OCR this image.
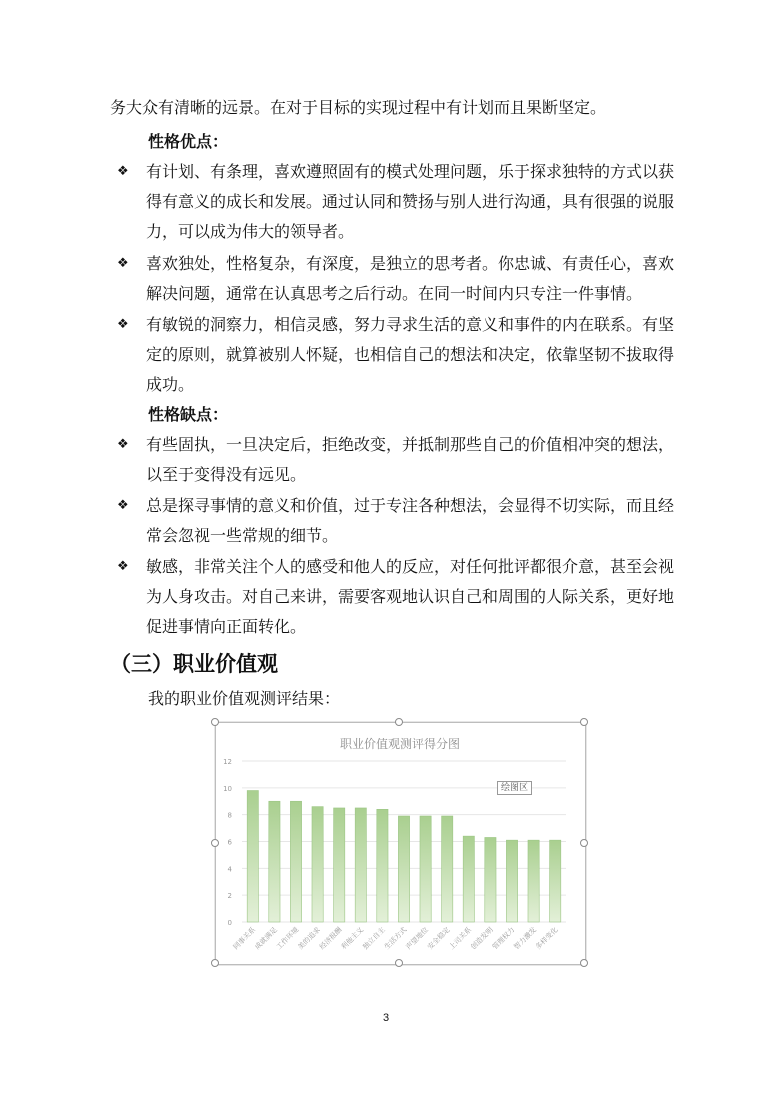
务大众有清晰的远景。在对于目标的实现过程中有计划而且果断坚定。
性格优点：
❖ 有计划、有条理，喜欢遵照固有的模式处理问题，乐于探求独特的方式以获
得有意义的成长和发展。通过认同和赞扬与别人进行沟通，具有很强的说服
力，可以成为伟大的领导者。
❖ 喜欢独处，性格复杂，有深度，是独立的思考者。你忠诚、有责任心，喜欢
解决问题，通常在认真思考之后行动。在同一时间内只专注一件事情。
❖ 有敏锐的洞察力，相信灵感，努力寻求生活的意义和事件的内在联系。有坚
定的原则，就算被别人怀疑，也相信自己的想法和决定，依靠坚韧不拔取得
成功。
性格缺点：
❖ 有些固执，一旦决定后，拒绝改变，并抵制那些自己的价值相冲突的想法，
以至于变得没有远见。
❖ 总是探寻事情的意义和价值，过于专注各种想法，会显得不切实际，而且经
常会忽视一些常规的细节。
❖ 敏感，非常关注个人的感受和他人的反应，对任何批评都很介意，甚至会视
为人身攻击。对自己来讲，需要客观地认识自己和周围的人际关系，更好地
促进事情向正面转化。
（三）职业价值观
我的职业价值观测评结果：
职业价值观测评得分图
0
2
4
6
8
10
12
同事关系
成就满足
工作环境
美的追求
经济报酬
利他主义
独立自主
生活方式
声望地位
安全稳定
上司关系
创造发明
管理权力
智力激发
多样变化
绘图区
3
